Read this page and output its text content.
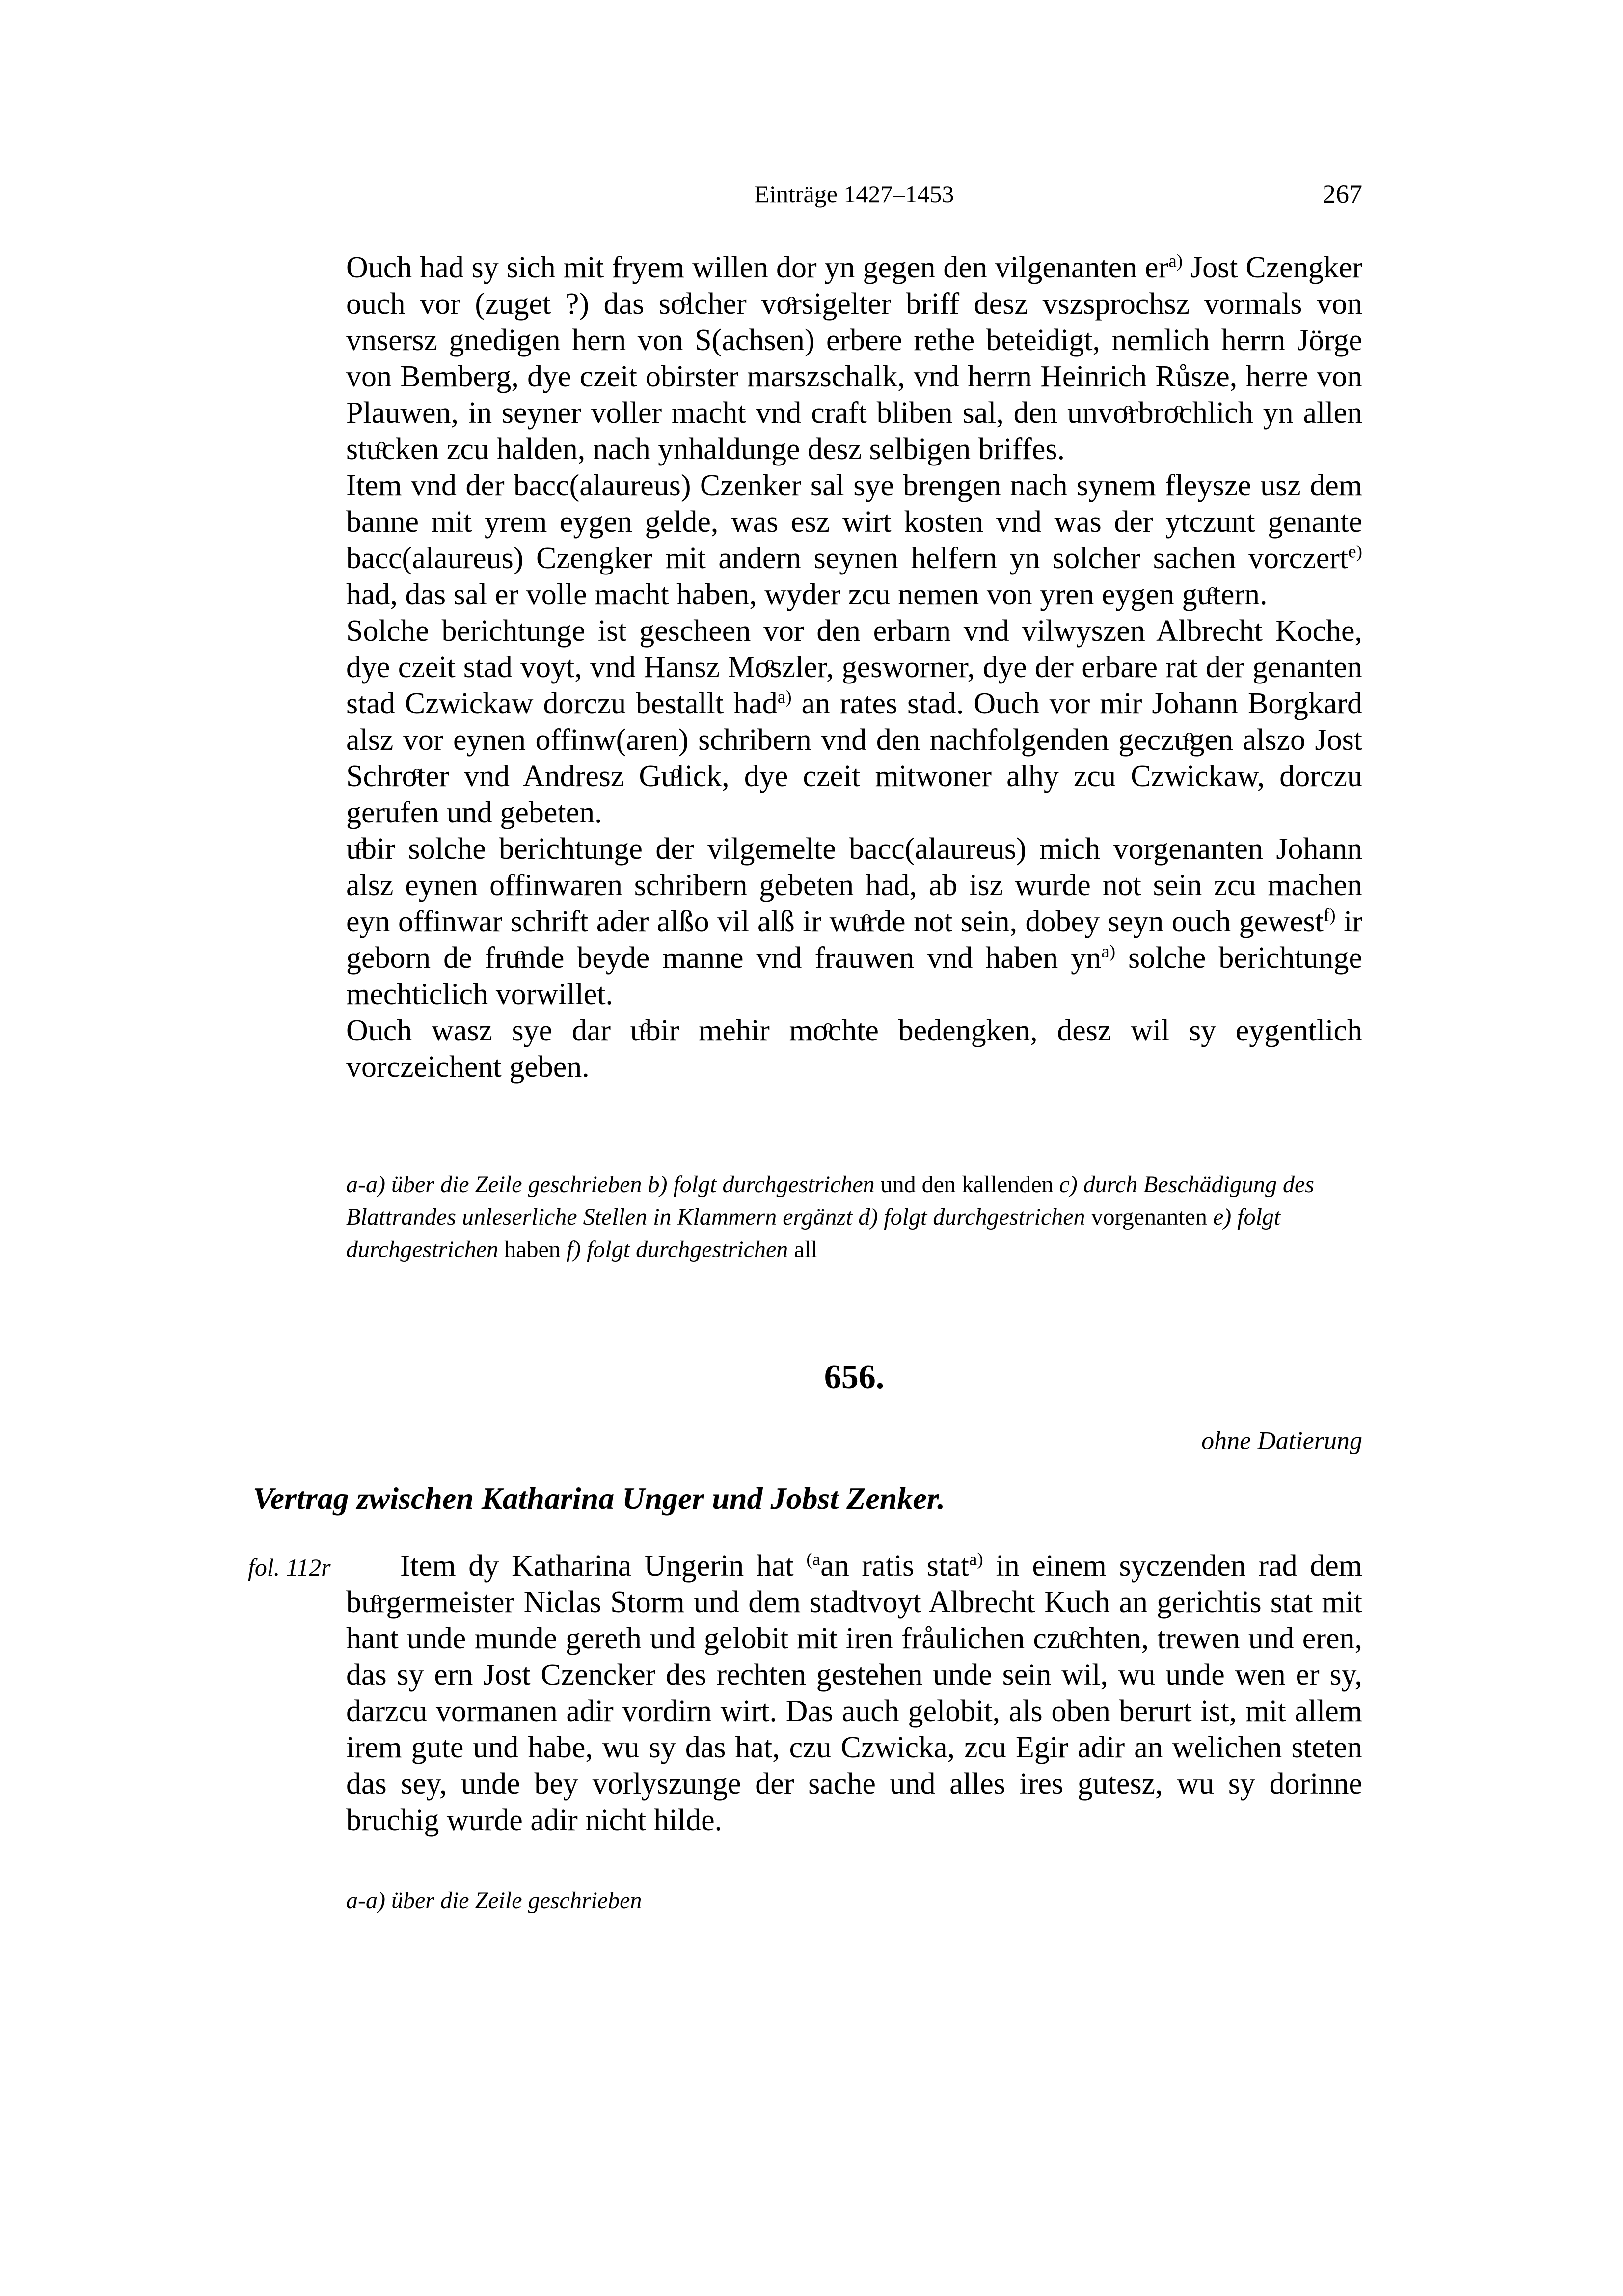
Einträge 1427–1453	267

Ouch had sy sich mit fryem willen dor yn gegen den vilgenanten $er^{a)}$ Jost Czengker ouch vor (zuget ?) das soͦlcher voͦrsigelter briff desz vszsprochsz vormals von vnsersz gnedigen hern von S(achsen) erbere rethe beteidigt, nemlich herrn Jörge von Bemberg, dye czeit obirster marszschalk, vnd herrn Heinrich Růsze, herre von Plauwen, in seyner voller macht vnd craft bliben sal, den unvoͦrbroͦchlich yn allen stuͦcken zcu halden, nach ynhaldunge desz selbigen briffes.

Item vnd der bacc(alaureus) Czenker sal sye brengen nach synem fleysze usz dem banne mit yrem eygen gelde, was esz wirt kosten vnd was der ytczunt genante bacc(alaureus) Czengker mit andern seynen helfern yn solcher sachen vorczert$^{e)}$ had, das sal er volle macht haben, wyder zcu nemen von yren eygen guͦtern.

Solche berichtunge ist gescheen vor den erbarn vnd vilwyszen Albrecht Koche, dye czeit stad voyt, vnd Hansz Moͦszler, gesworner, dye der erbare rat der genanten stad Czwickaw dorczu bestallt had$^{a)}$ an rates stad. Ouch vor mir Johann Borgkard alsz vor eynen offinw(aren) schribern vnd den nachfolgenden geczuͦgen alszo Jost Schroͦter vnd Andresz Guͦlick, dye czeit mitwoner alhy zcu Czwickaw, dorczu gerufen und gebeten.

uͦbir solche berichtunge der vilgemelte bacc(alaureus) mich vorgenanten Johann alsz eynen offinwaren schribern gebeten had, ab isz wurde not sein zcu machen eyn offinwar schrift ader alßo vil alß ir wuͦrde not sein, dobey seyn ouch gewest$^{f)}$ ir geborn de fruͦnde beyde manne vnd frauwen vnd haben $yn^{a)}$ solche berichtunge mechticlich vorwillet.

Ouch wasz sye dar uͦbir mehir moͦchte bedengken, desz wil sy eygentlich vorczeichent geben.

a-a) über die Zeile geschrieben b) folgt durchgestrichen und den kallenden c) durch Beschädigung des Blattrandes unleserliche Stellen in Klammern ergänzt d) folgt durchgestrichen vorgenanten e) folgt durchgestrichen haben f) folgt durchgestrichen all
656.
ohne Datierung
Vertrag zwischen Katharina Unger und Jobst Zenker.
fol. 112r	Item dy Katharina Ungerin hat $^{(a}$an ratis stat$^{a)}$ in einem syczenden rad dem buͦrgermeister Niclas Storm und dem stadtvoyt Albrecht Kuch an gerichtis stat mit hant unde munde gereth und gelobit mit iren fråulichen czuͦchten, trewen und eren, das sy ern Jost Czencker des rechten gestehen unde sein wil, wu unde wen er sy, darzcu vormanen adir vordirn wirt. Das auch gelobit, als oben berurt ist, mit allem irem gute und habe, wu sy das hat, czu Czwicka, zcu Egir adir an welichen steten das sey, unde bey vorlyszunge der sache und alles ires gutesz, wu sy dorinne bruchig wurde adir nicht hilde.
a-a) über die Zeile geschrieben
